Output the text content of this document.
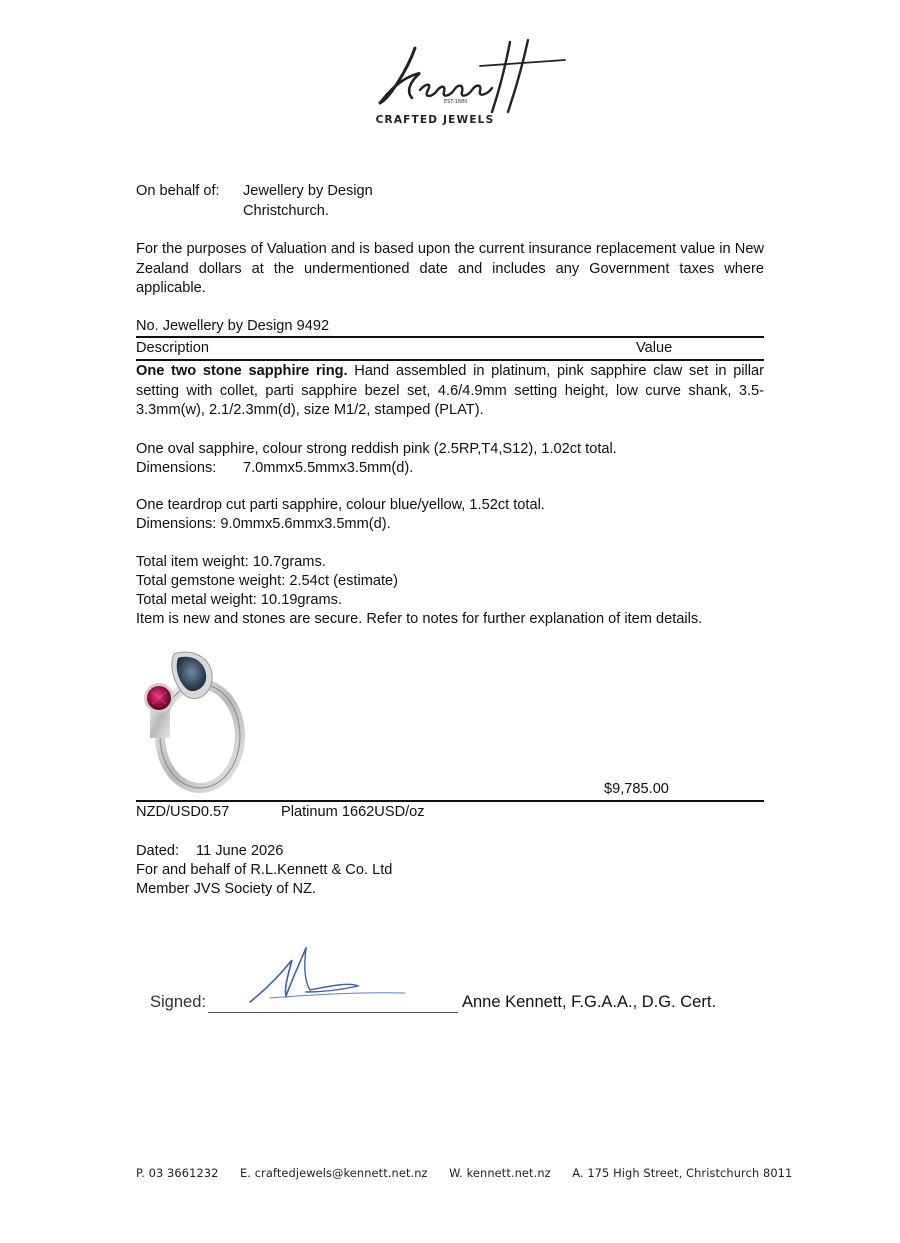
EST-1880
CRAFTED JEWELS
On behalf of: Jewellery by Design
Christchurch.
For the purposes of Valuation and is based upon the current insurance replacement value in New Zealand dollars at the undermentioned date and includes any Government taxes where applicable.
No. Jewellery by Design 9492
Description	Value
One two stone sapphire ring. Hand assembled in platinum, pink sapphire claw set in pillar setting with collet, parti sapphire bezel set, 4.6/4.9mm setting height, low curve shank, 3.5-3.3mm(w), 2.1/2.3mm(d), size M1/2, stamped (PLAT).
One oval sapphire, colour strong reddish pink (2.5RP,T4,S12), 1.02ct total.
Dimensions: 7.0mmx5.5mmx3.5mm(d).
One teardrop cut parti sapphire, colour blue/yellow, 1.52ct total.
Dimensions: 9.0mmx5.6mmx3.5mm(d).
Total item weight: 10.7grams.
Total gemstone weight: 2.54ct (estimate)
Total metal weight: 10.19grams.
Item is new and stones are secure. Refer to notes for further explanation of item details.
$9,785.00
NZD/USD0.57	Platinum 1662USD/oz
Dated: 11 June 2026
For and behalf of R.L.Kennett & Co. Ltd
Member JVS Society of NZ.
Signed:	Anne Kennett, F.G.A.A., D.G. Cert.
P. 03 3661232 E. craftedjewels@kennett.net.nz W. kennett.net.nz A. 175 High Street, Christchurch 8011
